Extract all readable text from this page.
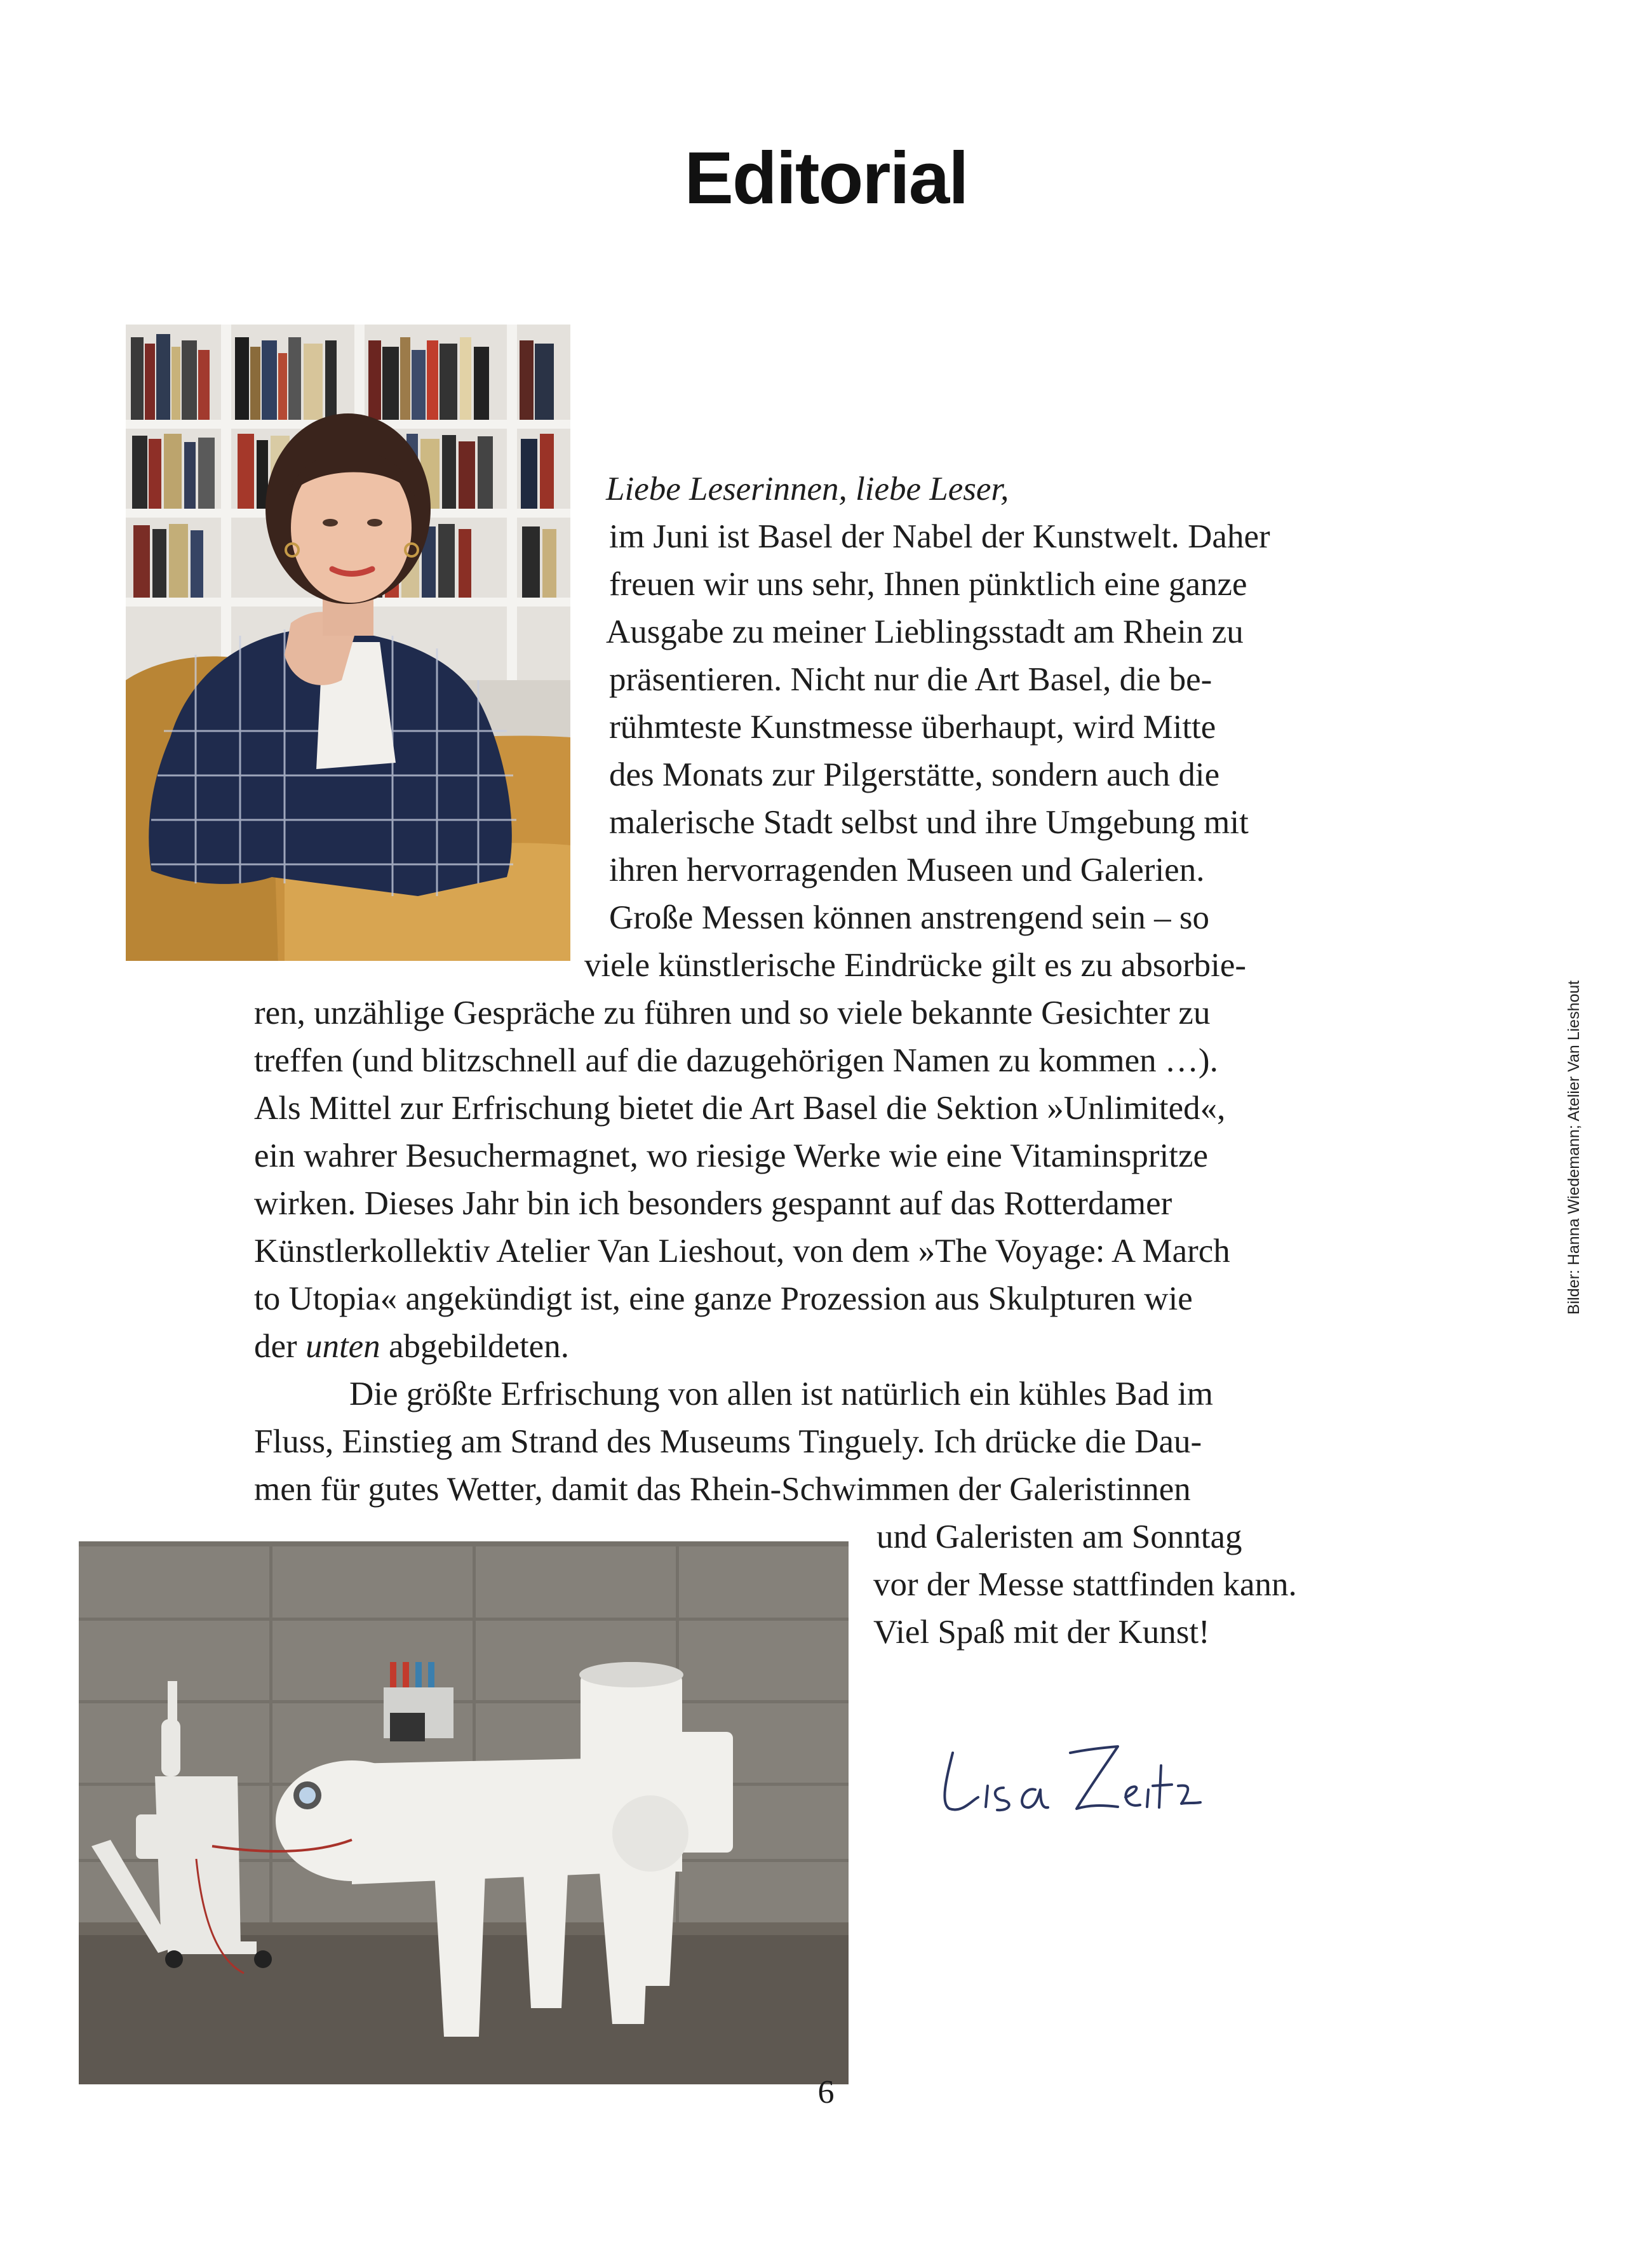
Editorial
Liebe Leserinnen, liebe Leser,
im Juni ist Basel der Nabel der Kunstwelt. Daher
freuen wir uns sehr, Ihnen pünktlich eine ganze
Ausgabe zu meiner Lieblingsstadt am Rhein zu
präsentieren. Nicht nur die Art Basel, die be-
rühmteste Kunstmesse überhaupt, wird Mitte
des Monats zur Pilgerstätte, sondern auch die
malerische Stadt selbst und ihre Umgebung mit
ihren hervorragenden Museen und Galerien.
Große Messen können anstrengend sein – so
viele künstlerische Eindrücke gilt es zu absorbie-
ren, unzählige Gespräche zu führen und so viele bekannte Gesichter zu
treffen (und blitzschnell auf die dazugehörigen Namen zu kommen …).
Als Mittel zur Erfrischung bietet die Art Basel die Sektion »Unlimited«,
ein wahrer Besuchermagnet, wo riesige Werke wie eine Vitaminspritze
wirken. Dieses Jahr bin ich besonders gespannt auf das Rotterdamer
Künstlerkollektiv Atelier Van Lieshout, von dem »The Voyage: A March
to Utopia« angekündigt ist, eine ganze Prozession aus Skulpturen wie
der unten abgebildeten.
Die größte Erfrischung von allen ist natürlich ein kühles Bad im
Fluss, Einstieg am Strand des Museums Tinguely. Ich drücke die Dau-
men für gutes Wetter, damit das Rhein-Schwimmen der Galeristinnen
und Galeristen am Sonntag
vor der Messe stattfinden kann.
Viel Spaß mit der Kunst!
Bilder: Hanna Wiedemann; Atelier Van Lieshout
6
